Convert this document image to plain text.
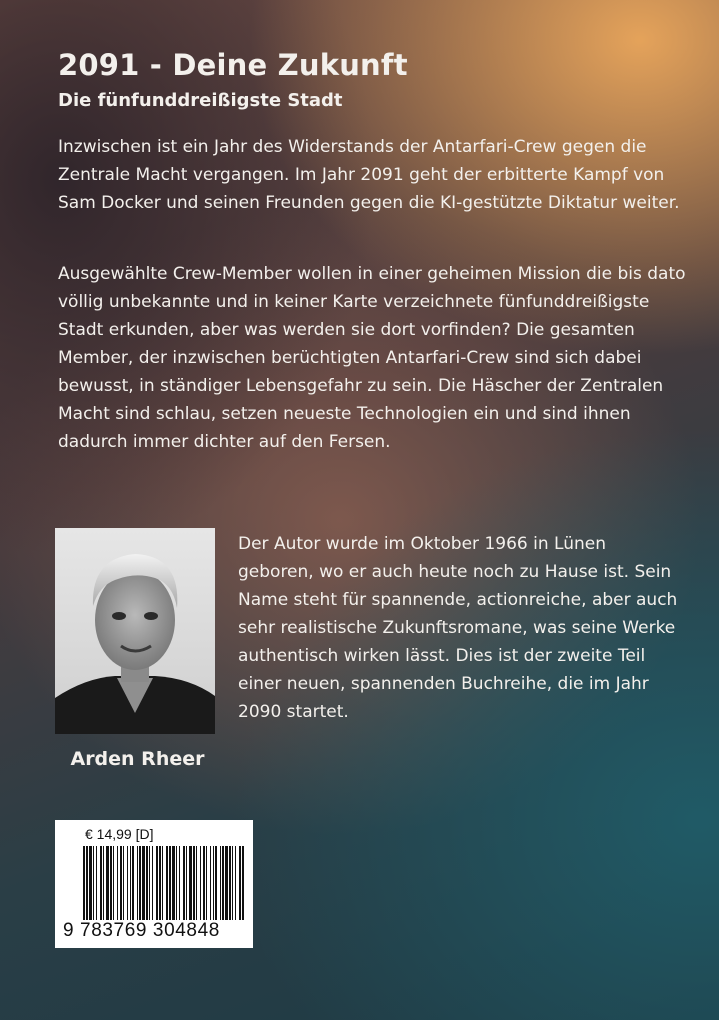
2091 - Deine Zukunft
Die fünfunddreißigste Stadt

Inzwischen ist ein Jahr des Widerstands der Antarfari-Crew gegen die Zentrale Macht vergangen. Im Jahr 2091 geht der erbitterte Kampf von Sam Docker und seinen Freunden gegen die KI-gestützte Diktatur weiter.

Ausgewählte Crew-Member wollen in einer geheimen Mission die bis dato völlig unbekannte und in keiner Karte verzeichnete fünfunddreißigste Stadt erkunden, aber was werden sie dort vorfinden? Die gesamten Member, der inzwischen berüchtigten Antarfari-Crew sind sich dabei bewusst, in ständiger Lebensgefahr zu sein. Die Häscher der Zentralen Macht sind schlau, setzen neueste Technologien ein und sind ihnen dadurch immer dichter auf den Fersen.

Arden Rheer

Der Autor wurde im Oktober 1966 in Lünen geboren, wo er auch heute noch zu Hause ist. Sein Name steht für spannende, actionreiche, aber auch sehr realistische Zukunftsromane, was seine Werke authentisch wirken lässt. Dies ist der zweite Teil einer neuen, spannenden Buchreihe, die im Jahr 2090 startet.

€ 14,99 [D]
9 783769 304848
